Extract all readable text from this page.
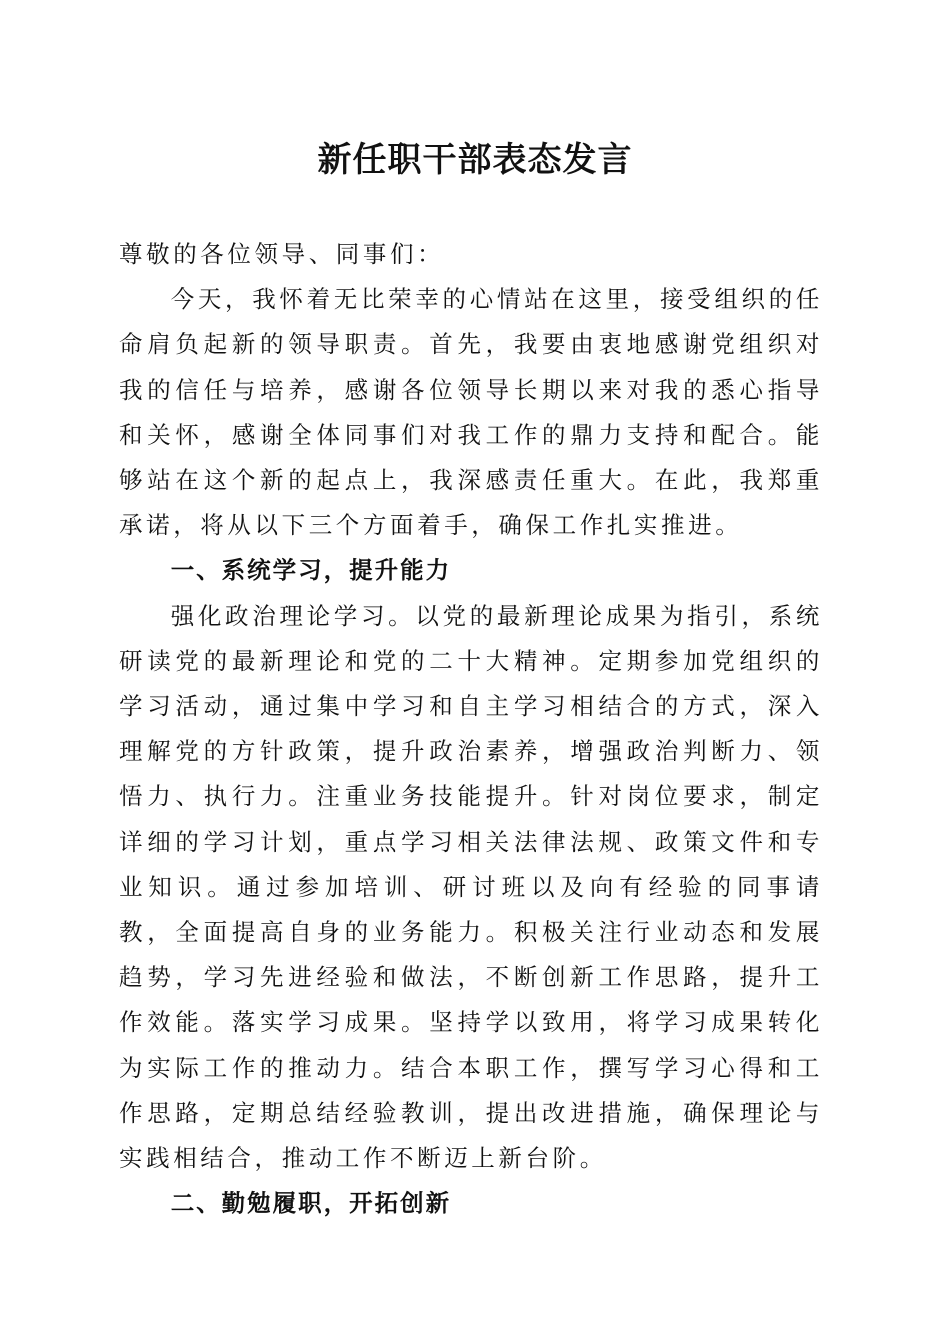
新任职干部表态发言

尊敬的各位领导、同事们：

今天，我怀着无比荣幸的心情站在这里，接受组织的任命肩负起新的领导职责。首先，我要由衷地感谢党组织对我的信任与培养，感谢各位领导长期以来对我的悉心指导和关怀，感谢全体同事们对我工作的鼎力支持和配合。能够站在这个新的起点上，我深感责任重大。在此，我郑重承诺，将从以下三个方面着手，确保工作扎实推进。

一、系统学习，提升能力

强化政治理论学习。以党的最新理论成果为指引，系统研读党的最新理论和党的二十大精神。定期参加党组织的学习活动，通过集中学习和自主学习相结合的方式，深入理解党的方针政策，提升政治素养，增强政治判断力、领悟力、执行力。注重业务技能提升。针对岗位要求，制定详细的学习计划，重点学习相关法律法规、政策文件和专业知识。通过参加培训、研讨班以及向有经验的同事请教，全面提高自身的业务能力。积极关注行业动态和发展趋势，学习先进经验和做法，不断创新工作思路，提升工作效能。落实学习成果。坚持学以致用，将学习成果转化为实际工作的推动力。结合本职工作，撰写学习心得和工作思路，定期总结经验教训，提出改进措施，确保理论与实践相结合，推动工作不断迈上新台阶。

二、勤勉履职，开拓创新
